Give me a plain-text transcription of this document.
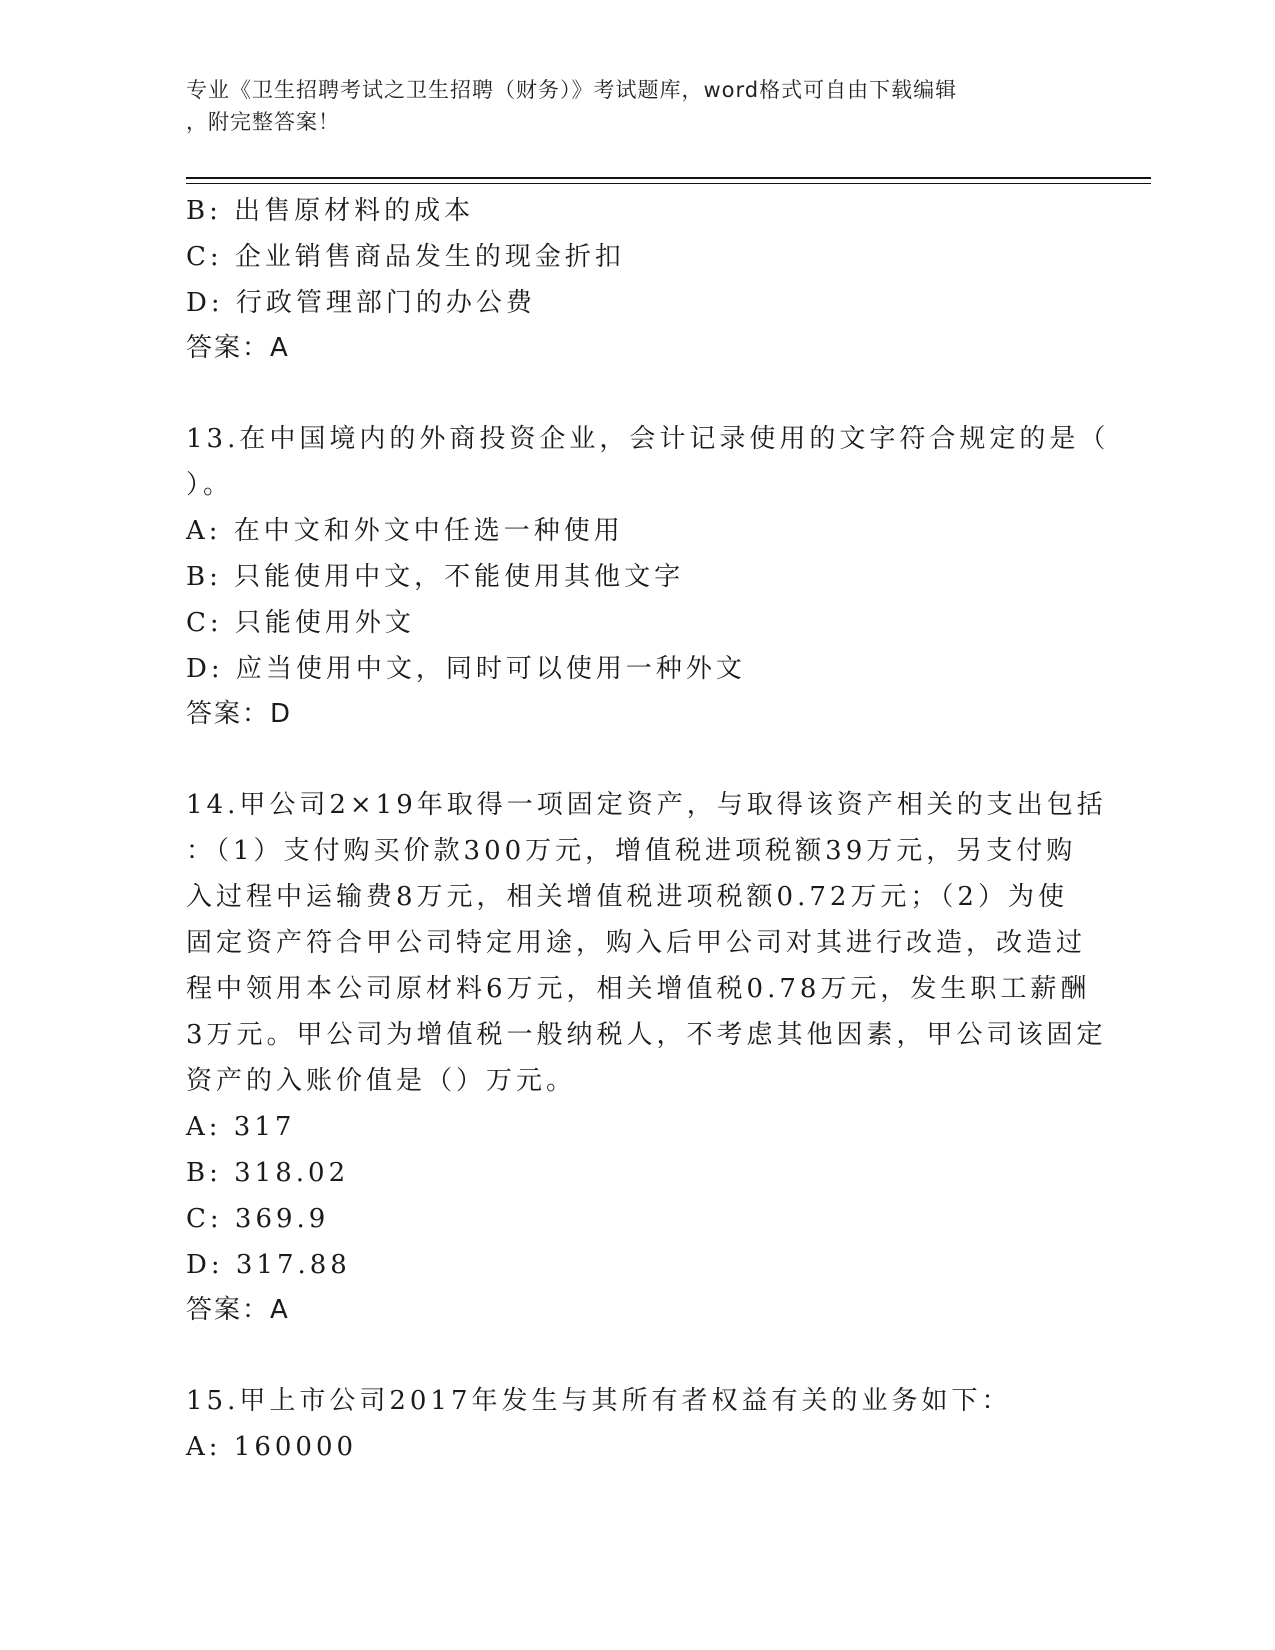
专业《卫生招聘考试之卫生招聘（财务）》考试题库，word格式可自由下载编辑
，附完整答案！
B: 出售原材料的成本
C: 企业销售商品发生的现金折扣
D: 行政管理部门的办公费
答案：A
13.在中国境内的外商投资企业，会计记录使用的文字符合规定的是（
）。
A: 在中文和外文中任选一种使用
B: 只能使用中文，不能使用其他文字
C: 只能使用外文
D: 应当使用中文，同时可以使用一种外文
答案：D
14.甲公司2×19年取得一项固定资产，与取得该资产相关的支出包括
：（1）支付购买价款300万元，增值税进项税额39万元，另支付购
入过程中运输费8万元，相关增值税进项税额0.72万元；（2）为使
固定资产符合甲公司特定用途，购入后甲公司对其进行改造，改造过
程中领用本公司原材料6万元，相关增值税0.78万元，发生职工薪酬
3万元。甲公司为增值税一般纳税人，不考虑其他因素，甲公司该固定
资产的入账价值是（）万元。
A: 317
B: 318.02
C: 369.9
D: 317.88
答案：A
15.甲上市公司2017年发生与其所有者权益有关的业务如下：
A: 160000
